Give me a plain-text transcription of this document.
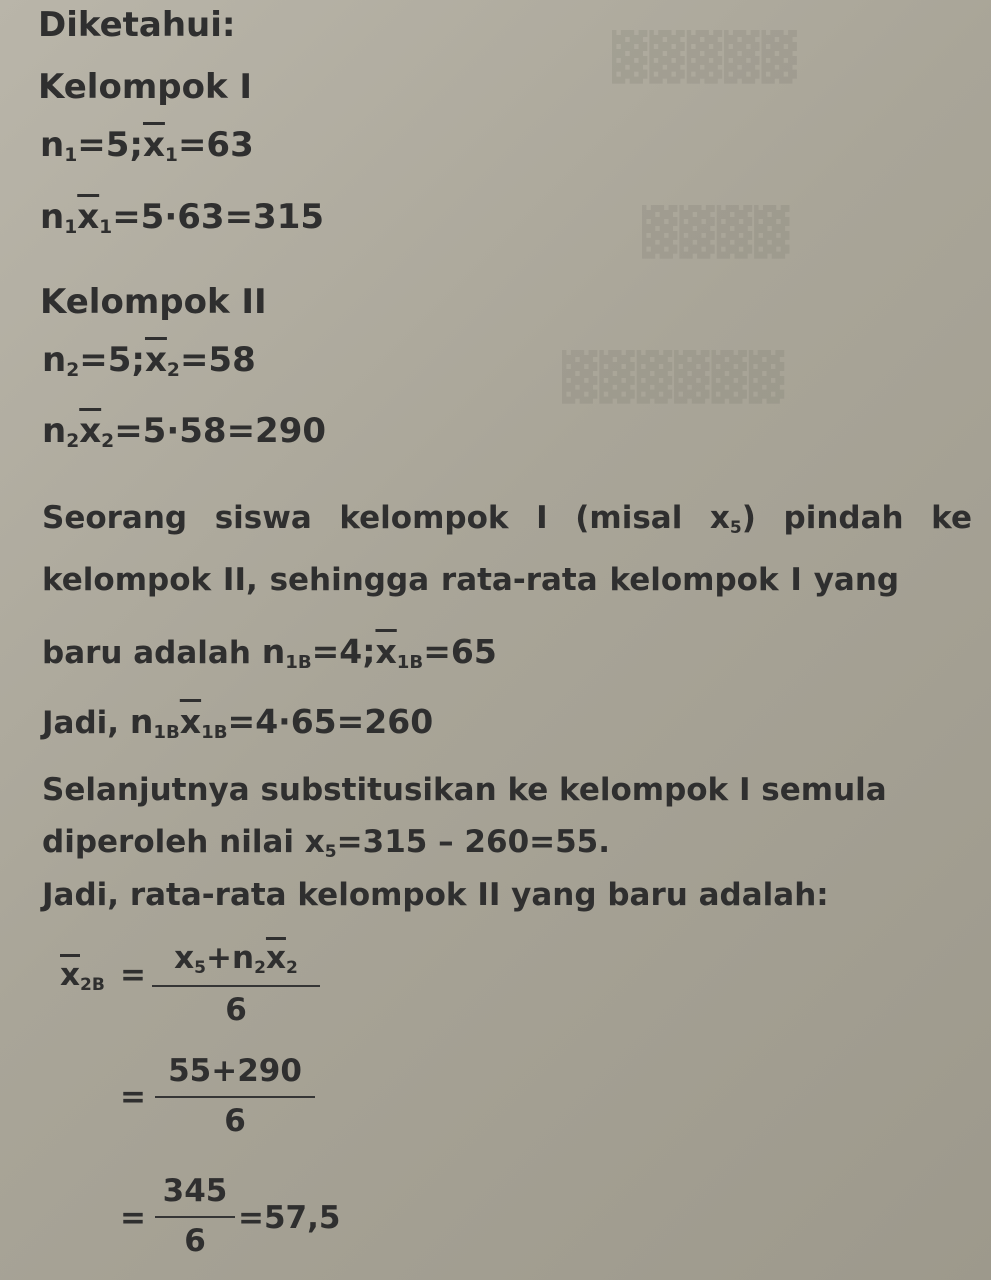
▓▓▓▓▓
▓▓▓▓
▓▓▓▓▓▓
Diketahui:
Kelompok I
$n_1=5;\overline{x}_1=63$
$n_1\overline{x}_1=5\cdot 63=315$
Kelompok II
$n_2=5;\overline{x}_2=58$
$n_2\overline{x}_2=5\cdot 58=290$
Seorang siswa kelompok I (misal $x_5$) pindah ke
kelompok II, sehingga rata-rata kelompok I yang
baru adalah $n_{1B}=4;\overline{x}_{1B}=65$
Jadi, $n_{1B}\overline{x}_{1B}=4\cdot 65=260$
Selanjutnya substitusikan ke kelompok I semula
diperoleh nilai $x_5=315 - 260=55$.
Jadi, rata-rata kelompok II yang baru adalah:
$\overline{x}_{2B} = x_5+n_2\overline{x}_2$
6
=
55+290
6
=
345
6
=57,5
